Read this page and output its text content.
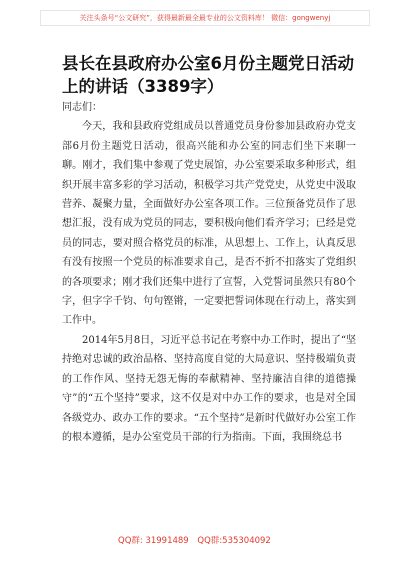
关注头条号“公文研究”，获得最新最全最专业的公文资料库！ 微信：gongwenyj
县长在县政府办公室6月份主题党日活动上的讲话（3389字）

同志们：

今天，我和县政府党组成员以普通党员身份参加县政府办党支部6月份主题党日活动，很高兴能和办公室的同志们坐下来聊一聊。刚才，我们集中参观了党史展馆，办公室要采取多种形式，组织开展丰富多彩的学习活动，积极学习共产党党史，从党史中汲取营养、凝聚力量，全面做好办公室各项工作。三位预备党员作了思想汇报，没有成为党员的同志，要积极向他们看齐学习；已经是党员的同志，要对照合格党员的标准，从思想上、工作上，认真反思有没有按照一个党员的标准要求自己，是否不折不扣落实了党组织的各项要求；刚才我们还集中进行了宣誓，入党誓词虽然只有80个字，但字字千钧、句句铿锵，一定要把誓词体现在行动上，落实到工作中。

2014年5月8日，习近平总书记在考察中办工作时，提出了“坚持绝对忠诚的政治品格、坚持高度自觉的大局意识、坚持极端负责的工作作风、坚持无怨无悔的奉献精神、坚持廉洁自律的道德操守”的“五个坚持”要求，这不仅是对中办工作的要求，也是对全国各级党办、政办工作的要求。“五个坚持”是新时代做好办公室工作的根本遵循，是办公室党员干部的行为指南。下面，我围绕总书

QQ群: 31991489 QQ群:535304092
